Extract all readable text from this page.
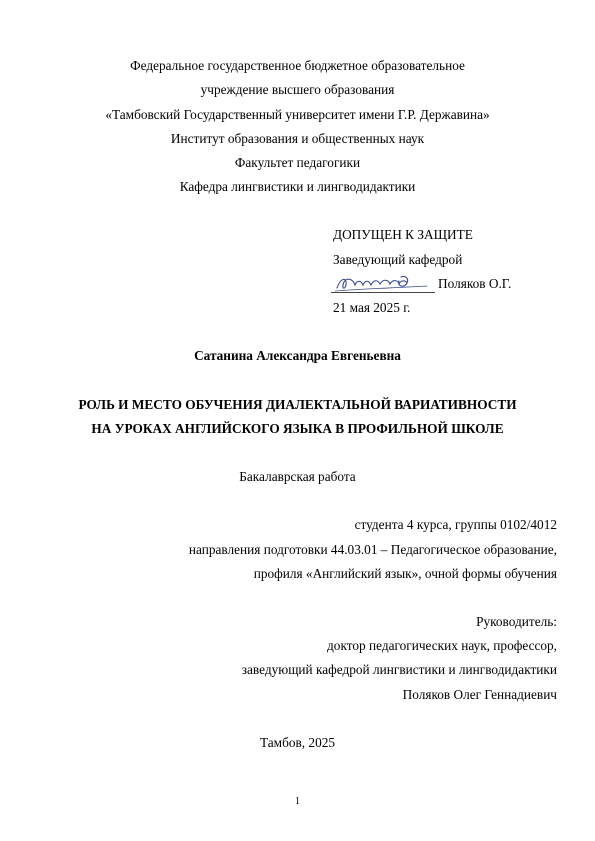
Федеральное государственное бюджетное образовательное
учреждение высшего образования
«Тамбовский Государственный университет имени Г.Р. Державина»
Институт образования и общественных наук
Факультет педагогики
Кафедра лингвистики и лингводидактики
ДОПУЩЕН К ЗАЩИТЕ
Заведующий кафедрой
Поляков О.Г.
21 мая 2025 г.
Сатанина Александра Евгеньевна
РОЛЬ И МЕСТО ОБУЧЕНИЯ ДИАЛЕКТАЛЬНОЙ ВАРИАТИВНОСТИ
НА УРОКАХ АНГЛИЙСКОГО ЯЗЫКА В ПРОФИЛЬНОЙ ШКОЛЕ
Бакалаврская работа
студента 4 курса, группы 0102/4012
направления подготовки 44.03.01 – Педагогическое образование,
профиля «Английский язык», очной формы обучения
Руководитель:
доктор педагогических наук, профессор,
заведующий кафедрой лингвистики и лингводидактики
Поляков Олег Геннадиевич
Тамбов, 2025
1
